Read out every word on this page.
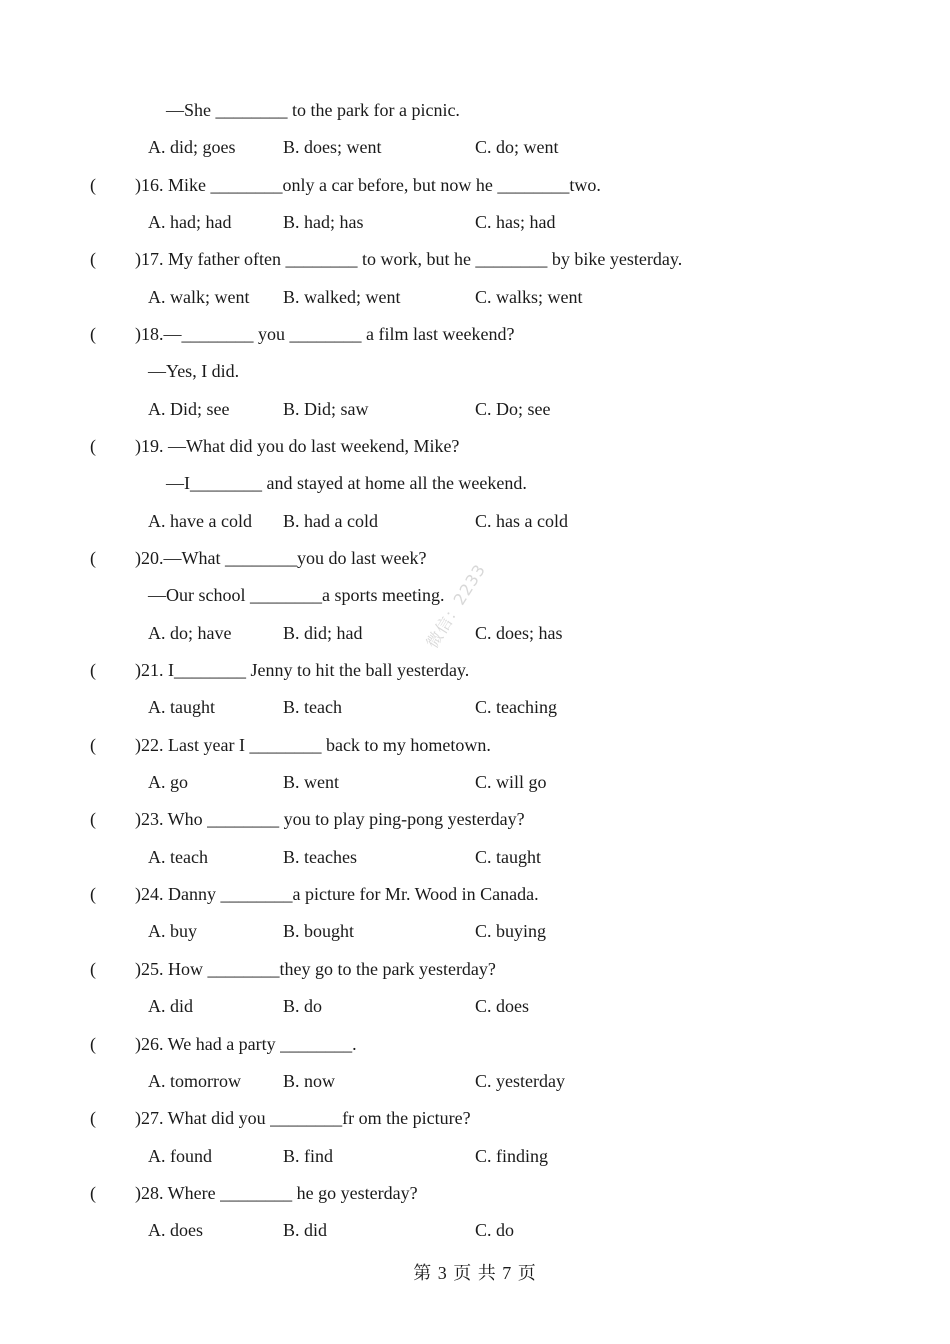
—She ________ to the park for a picnic.
A. did; goes	B. does; went	C. do; went
( )16. Mike ________only a car before, but now he ________two.
A. had; had	B. had; has	C. has; had
( )17. My father often ________ to work, but he ________ by bike yesterday.
A. walk; went B. walked; went	C. walks; went
( )18.—________ you ________ a film last weekend?
—Yes, I did.
A. Did; see	B. Did; saw	C. Do; see
( )19. —What did you do last weekend, Mike?
—I________ and stayed at home all the weekend.
A. have a cold B. had a cold	C. has a cold
( )20.—What ________you do last week?
—Our school ________a sports meeting.
A. do; have	B. did; had	C. does; has
( )21. I________ Jenny to hit the ball yesterday.
A. taught	B. teach	C. teaching
( )22. Last year I ________ back to my hometown.
A. go	B. went	C. will go
( )23. Who ________ you to play ping-pong yesterday?
A. teach	B. teaches	C. taught
( )24. Danny ________a picture for Mr. Wood in Canada.
A. buy	B. bought	C. buying
( )25. How ________they go to the park yesterday?
A. did	B. do	C. does
( )26. We had a party ________.
A. tomorrow B. now	C. yesterday
( )27. What did you ________fr om the picture?
A. found	B. find	C. finding
( )28. Where ________ he go yesterday?
A. does	B. did	C. do
微信：2233
第 3 页 共 7 页
